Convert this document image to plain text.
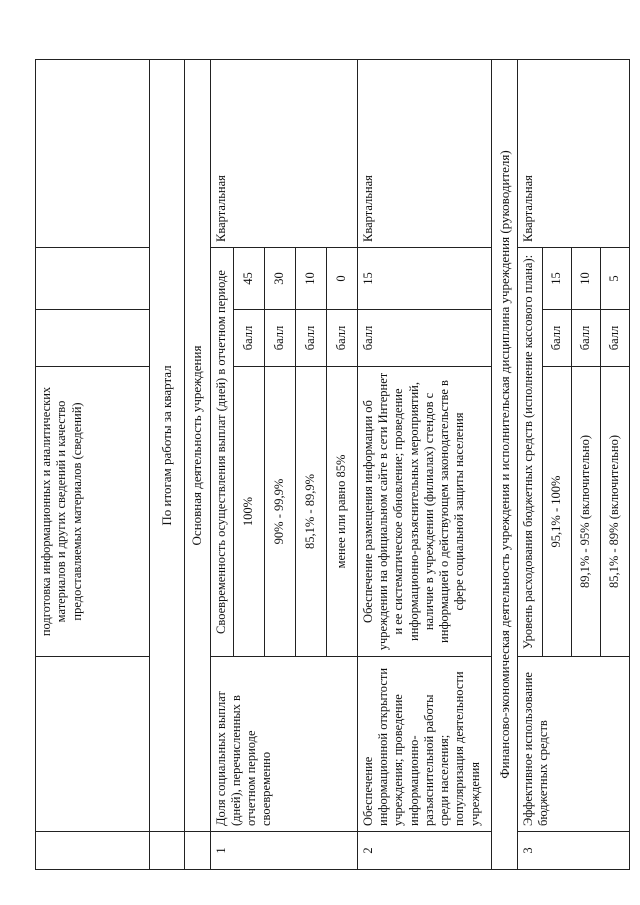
		подготовка информационных и аналитических материалов и других сведений и качество предоставляемых материалов (сведений)			
	По итогам работы за квартал				
	Основная деятельность учреждения				
1	Доля социальных выплат (дней), перечисленных в отчетном периоде своевременно	Своевременность осуществления выплат (дней) в отчетном периоде			Квартальная
		100%	балл	45	
		90% - 99,9%	балл	30	
		85,1% - 89,9%	балл	10	
		менее или равно 85%	балл	0	
2	Обеспечение информационной открытости учреждения; проведение информационно-разъяснительной работы среди населения; популяризация деятельности учреждения	Обеспечение размещения информации об учреждении на официальном сайте в сети Интернет и ее систематическое обновление; проведение информационно-разъяснительных мероприятий, наличие в учреждении (филиалах) стендов с информацией о действующем законодательстве в сфере социальной защиты населения	балл	15	Квартальная
Финансово-экономическая деятельность учреждения и исполнительская дисциплина учреждения (руководителя)					
3	Эффективное использование бюджетных средств	Уровень расходования бюджетных средств (исполнение кассового плана):			Квартальная
		95,1% - 100%	балл	15	
		89,1% - 95% (включительно)	балл	10	
		85,1% - 89% (включительно)	балл	5	
